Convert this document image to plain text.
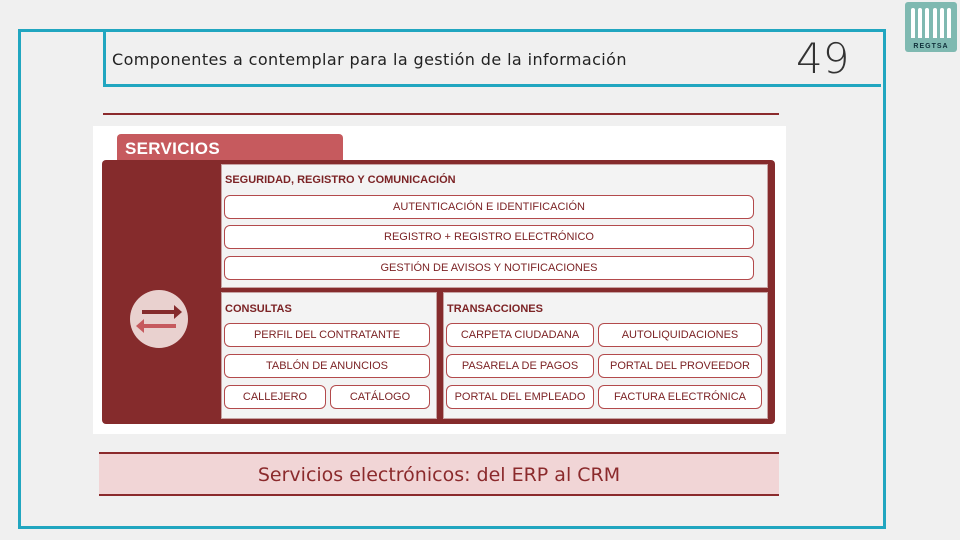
Componentes a contemplar para la gestión de la información	49	REGTSA
SERVICIOS
SEGURIDAD, REGISTRO Y COMUNICACIÓN
AUTENTICACIÓN E IDENTIFICACIÓN
REGISTRO + REGISTRO ELECTRÓNICO
GESTIÓN DE AVISOS Y NOTIFICACIONES
CONSULTAS
PERFIL DEL CONTRATANTE
TABLÓN DE ANUNCIOS
CALLEJERO	CATÁLOGO
TRANSACCIONES
CARPETA CIUDADANA	AUTOLIQUIDACIONES
PASARELA DE PAGOS	PORTAL DEL PROVEEDOR
PORTAL DEL EMPLEADO	FACTURA ELECTRÓNICA
Servicios electrónicos: del ERP al CRM
